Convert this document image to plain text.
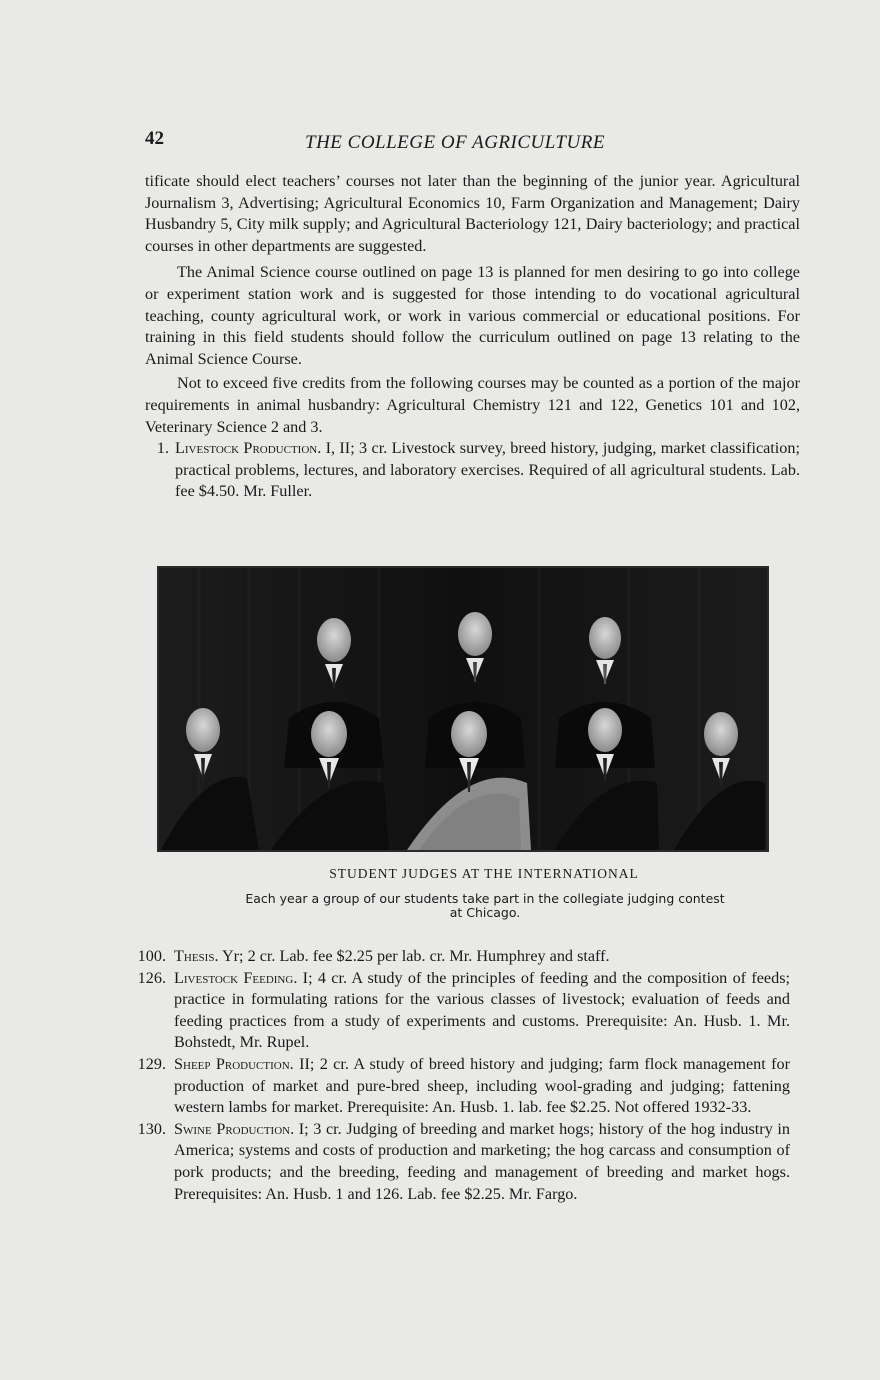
42	THE COLLEGE OF AGRICULTURE

tificate should elect teachers’ courses not later than the beginning of the junior year. Agricultural Journalism 3, Advertising; Agricultural Economics 10, Farm Organization and Management; Dairy Husbandry 5, City milk supply; and Agricultural Bacteriology 121, Dairy bacteriology; and practical courses in other departments are suggested.

The Animal Science course outlined on page 13 is planned for men desiring to go into college or experiment station work and is suggested for those intending to do vocational agricultural teaching, county agricultural work, or work in various commercial or educational positions. For training in this field students should follow the curriculum outlined on page 13 relating to the Animal Science Course.

Not to exceed five credits from the following courses may be counted as a portion of the major requirements in animal husbandry: Agricultural Chemistry 121 and 122, Genetics 101 and 102, Veterinary Science 2 and 3.

1. Livestock Production. I, II; 3 cr. Livestock survey, breed history, judging, market classification; practical problems, lectures, and laboratory exercises. Required of all agricultural students. Lab. fee $4.50. Mr. Fuller.

STUDENT JUDGES AT THE INTERNATIONAL
Each year a group of our students take part in the collegiate judging contest
at Chicago.

100. Thesis. Yr; 2 cr. Lab. fee $2.25 per lab. cr. Mr. Humphrey and staff.

126. Livestock Feeding. I; 4 cr. A study of the principles of feeding and the composition of feeds; practice in formulating rations for the various classes of livestock; evaluation of feeds and feeding practices from a study of experiments and customs. Prerequisite: An. Husb. 1. Mr. Bohstedt, Mr. Rupel.

129. Sheep Production. II; 2 cr. A study of breed history and judging; farm flock management for production of market and pure-bred sheep, including wool-grading and judging; fattening western lambs for market. Prerequisite: An. Husb. 1. lab. fee $2.25. Not offered 1932-33.

130. Swine Production. I; 3 cr. Judging of breeding and market hogs; history of the hog industry in America; systems and costs of production and marketing; the hog carcass and consumption of pork products; and the breeding, feeding and management of breeding and market hogs. Prerequisites: An. Husb. 1 and 126. Lab. fee $2.25. Mr. Fargo.
